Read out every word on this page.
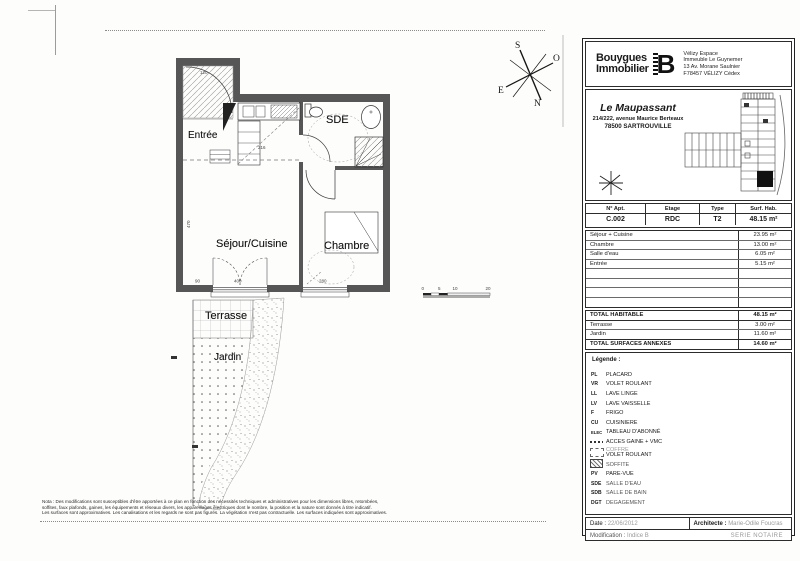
120
470
216
400	280
90
0	5	10	20
S
O
E
N
Entrée
SDE
Séjour/Cuisine	Chambre
Terrasse
Jardin
Bouygues
Immobilier B Vélizy Espace
Immeuble Le Guynemer
13 Av. Morane Saulnier
F78457 VÉLIZY Cédex
Le Maupassant
214/222, avenue Maurice Berteaux
78500 SARTROUVILLE
N° Apt.	Etage	Type	Surf. Hab.
C.002	RDC	T2	48.15 m²
Séjour + Cuisine	23.95 m²
Chambre	13.00 m²
Salle d'eau	6.05 m²
Entrée	5.15 m²
TOTAL HABITABLE	48.15 m²
Terrasse	3.00 m²
Jardin	11.60 m²
TOTAL SURFACES ANNEXES	14.60 m²
Légende :
PL	PLACARD
VR	VOLET ROULANT
LL	LAVE LINGE
LV	LAVE VAISSELLE
F	FRIGO
CU	CUISINIERE
ELEC TABLEAU D'ABONNÉ
ACCES GAINE + VMC
COFFRE
VOLET ROULANT
SOFFITE
PV	PARE-VUE
SDE SALLE D'EAU
SDB SALLE DE BAIN
DGT DEGAGEMENT
Date : 22/06/2012	Architecte :
Marie-Odile Foucras
Modification : Indice B	SERIE NOTAIRE
Nota : Des modifications sont susceptibles d'être apportées à ce plan en fonction des nécessités techniques et administratives pour les dimensions libres, retombées,
soffites, faux plafonds, gaines, les équipements et réseaux divers, les appareillages électriques dont le nombre, la position et la nature sont donnés à titre indicatif.
Les surfaces sont approximatives. Les canalisations et les regards ne sont pas figurés. La végétation n'est pas contractuelle. Les surfaces indiquées sont approximatives.
